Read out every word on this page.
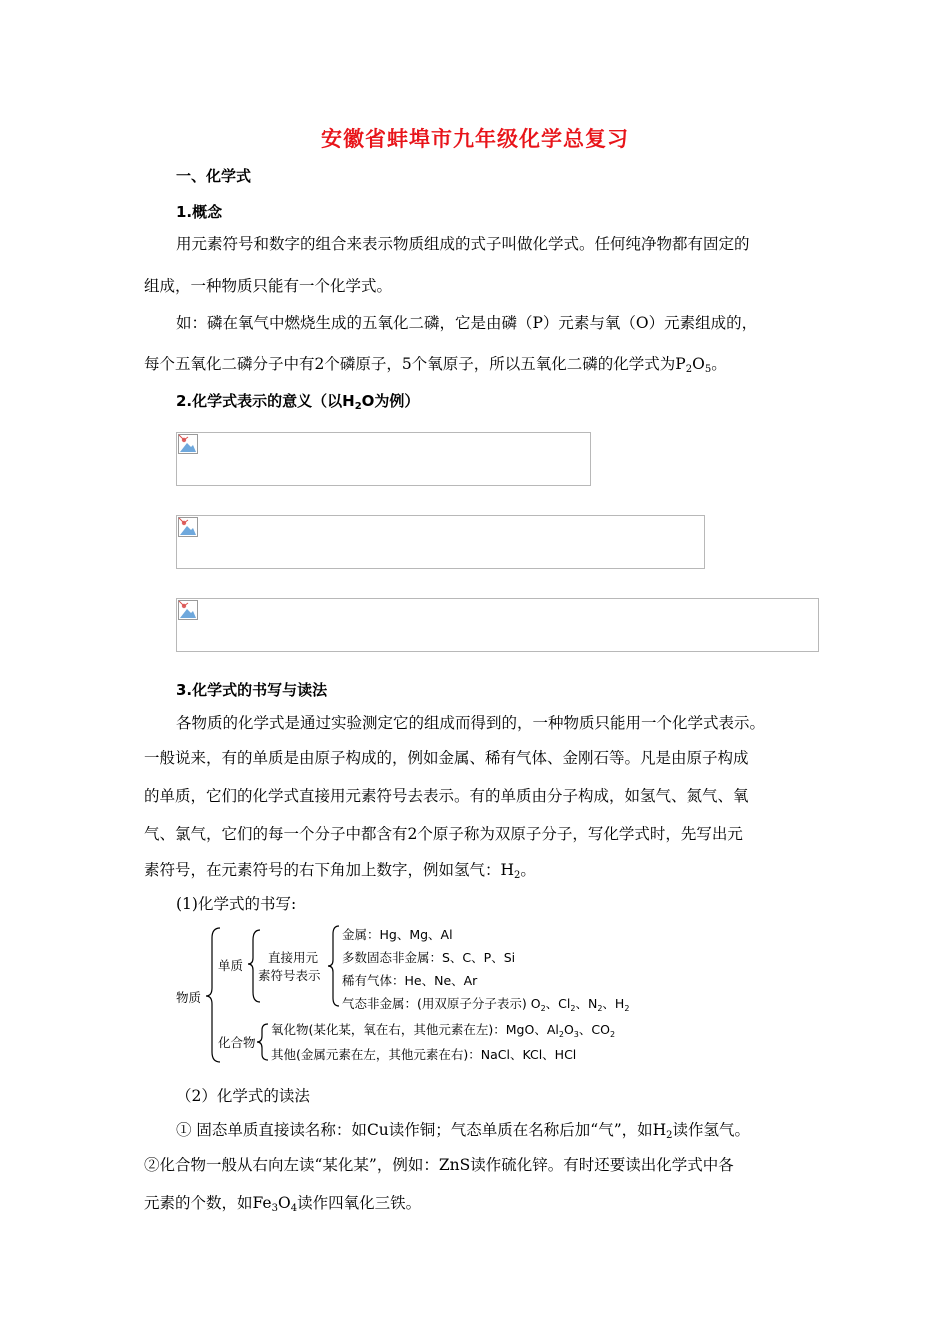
安徽省蚌埠市九年级化学总复习
一、化学式
1.概念
用元素符号和数字的组合来表示物质组成的式子叫做化学式。任何纯净物都有固定的
组成，一种物质只能有一个化学式。
如：磷在氧气中燃烧生成的五氧化二磷，它是由磷（P）元素与氧（O）元素组成的，
每个五氧化二磷分子中有2个磷原子，5个氧原子，所以五氧化二磷的化学式为$P_2O_5$。
2.化学式表示的意义（以$H_2O$为例）
3.化学式的书写与读法
各物质的化学式是通过实验测定它的组成而得到的，一种物质只能用一个化学式表示。
一般说来，有的单质是由原子构成的，例如金属、稀有气体、金刚石等。凡是由原子构成
的单质，它们的化学式直接用元素符号去表示。有的单质由分子构成，如氢气、氮气、氧
气、氯气，它们的每一个分子中都含有2个原子称为双原子分子，写化学式时，先写出元
素符号，在元素符号的右下角加上数字，例如氢气：$H_2$。
(1)化学式的书写:
物质
单质
直接用元
素符号表示
金属：Hg、Mg、Al
多数固态非金属：S、C、P、Si
稀有气体：He、Ne、Ar
气态非金属：(用双原子分子表示) $O_2$、$Cl_2$、$N_2$、$H_2$
化合物
氧化物(某化某，氧在右，其他元素在左)：MgO、$Al_2O_3$、$CO_2$
其他(金属元素在左，其他元素在右)：NaCl、KCl、HCl
（2）化学式的读法
① 固态单质直接读名称：如Cu读作铜；气态单质在名称后加“气”，如$H_2$读作氢气。
②化合物一般从右向左读“某化某”，例如：ZnS读作硫化锌。有时还要读出化学式中各
元素的个数，如$Fe_3O_4$读作四氧化三铁。
